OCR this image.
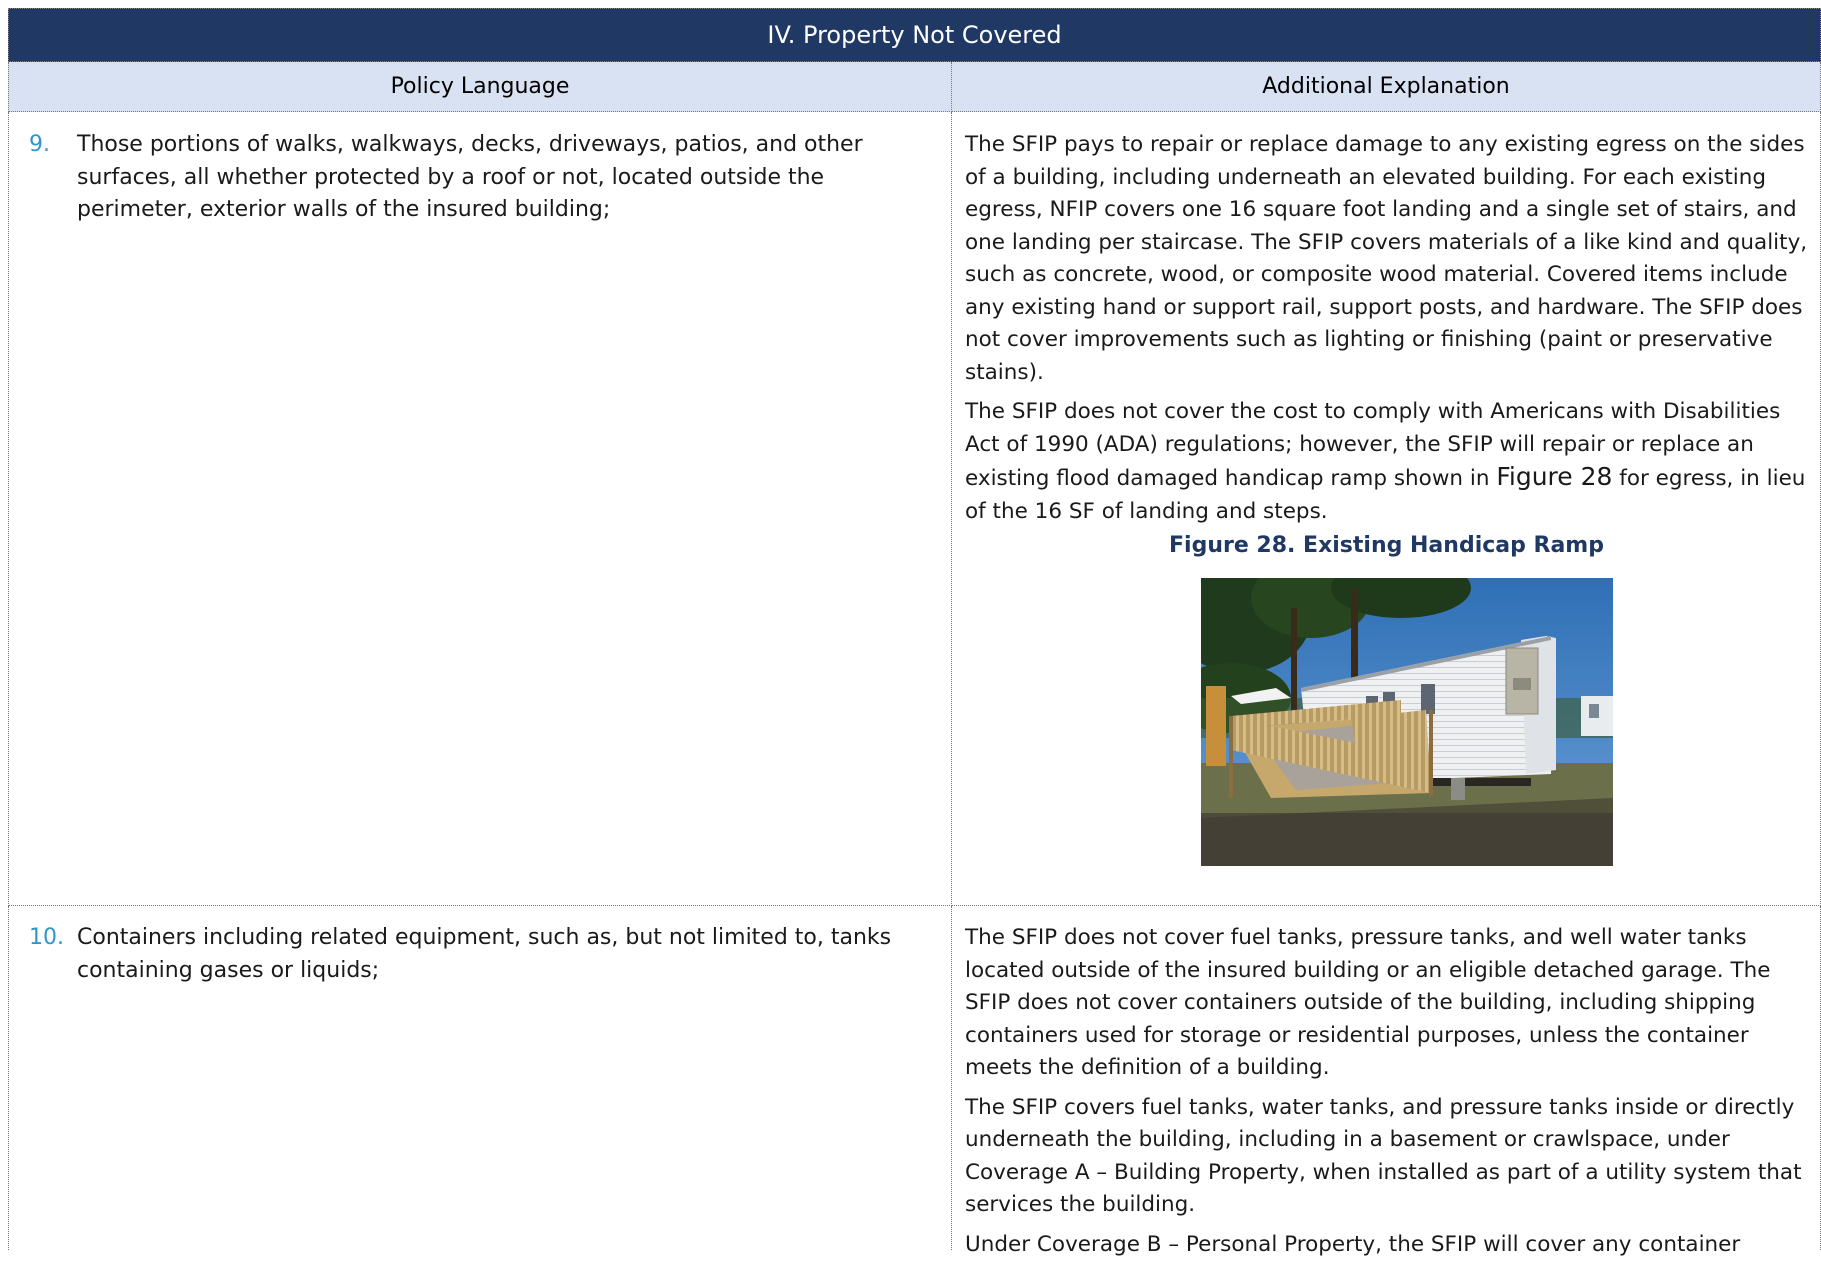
IV. Property Not Covered
Policy Language	Additional Explanation
9.	Those portions of walks, walkways, decks, driveways, patios, and other surfaces, all whether protected by a roof or not, located outside the perimeter, exterior walls of the insured building;

The SFIP pays to repair or replace damage to any existing egress on the sides of a building, including underneath an elevated building. For each existing egress, NFIP covers one 16 square foot landing and a single set of stairs, and one landing per staircase. The SFIP covers materials of a like kind and quality, such as concrete, wood, or composite wood material. Covered items include any existing hand or support rail, support posts, and hardware. The SFIP does not cover improvements such as lighting or finishing (paint or preservative stains).

The SFIP does not cover the cost to comply with Americans with Disabilities Act of 1990 (ADA) regulations; however, the SFIP will repair or replace an existing flood damaged handicap ramp shown in Figure 28 for egress, in lieu of the 16 SF of landing and steps.

Figure 28. Existing Handicap Ramp
10. Containers including related equipment, such as, but not limited to, tanks containing gases or liquids;

The SFIP does not cover fuel tanks, pressure tanks, and well water tanks located outside of the insured building or an eligible detached garage. The SFIP does not cover containers outside of the building, including shipping containers used for storage or residential purposes, unless the container meets the definition of a building.

The SFIP covers fuel tanks, water tanks, and pressure tanks inside or directly underneath the building, including in a basement or crawlspace, under Coverage A – Building Property, when installed as part of a utility system that services the building.

Under Coverage B – Personal Property, the SFIP will cover any container
